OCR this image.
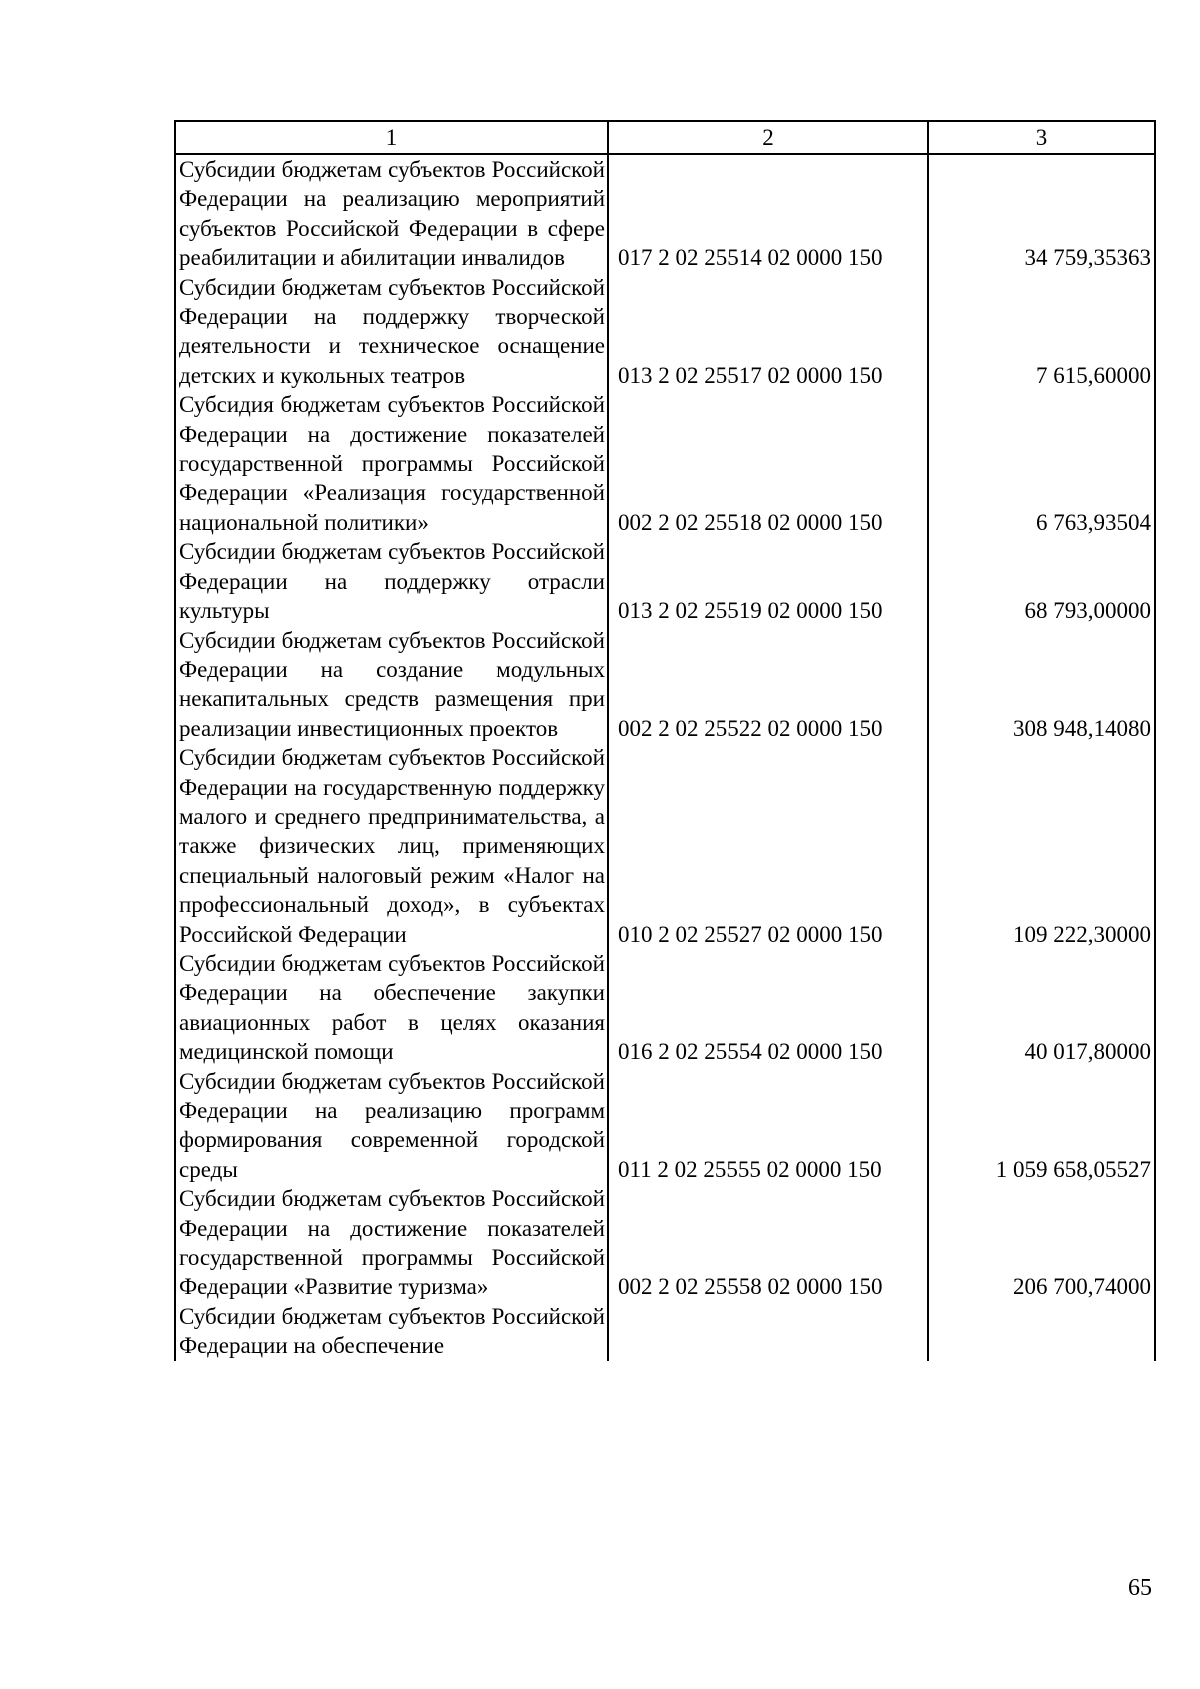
1	2	3
Субсидии бюджетам субъектов Российской Федерации на реализацию мероприятий субъектов Российской Федерации в сфере реабилитации и абилитации инвалидов	017 2 02 25514 02 0000 150	34 759,35363
Субсидии бюджетам субъектов Российской Федерации на поддержку творческой деятельности и техническое оснащение детских и кукольных театров	013 2 02 25517 02 0000 150	7 615,60000
Субсидия бюджетам субъектов Российской Федерации на достижение показателей государственной программы Российской Федерации «Реализация государственной национальной политики»	002 2 02 25518 02 0000 150	6 763,93504
Субсидии бюджетам субъектов Российской Федерации на поддержку отрасли культуры	013 2 02 25519 02 0000 150	68 793,00000
Субсидии бюджетам субъектов Российской Федерации на создание модульных некапитальных средств размещения при реализации инвестиционных проектов	002 2 02 25522 02 0000 150	308 948,14080
Субсидии бюджетам субъектов Российской Федерации на государственную поддержку малого и среднего предпринимательства, а также физических лиц, применяющих специальный налоговый режим «Налог на профессиональный доход», в субъектах Российской Федерации	010 2 02 25527 02 0000 150	109 222,30000
Субсидии бюджетам субъектов Российской Федерации на обеспечение закупки авиационных работ в целях оказания медицинской помощи	016 2 02 25554 02 0000 150	40 017,80000
Субсидии бюджетам субъектов Российской Федерации на реализацию программ формирования современной городской среды	011 2 02 25555 02 0000 150	1 059 658,05527
Субсидии бюджетам субъектов Российской Федерации на достижение показателей государственной программы Российской Федерации «Развитие туризма»	002 2 02 25558 02 0000 150	206 700,74000
Субсидии бюджетам субъектов Российской Федерации на обеспечение		
65
